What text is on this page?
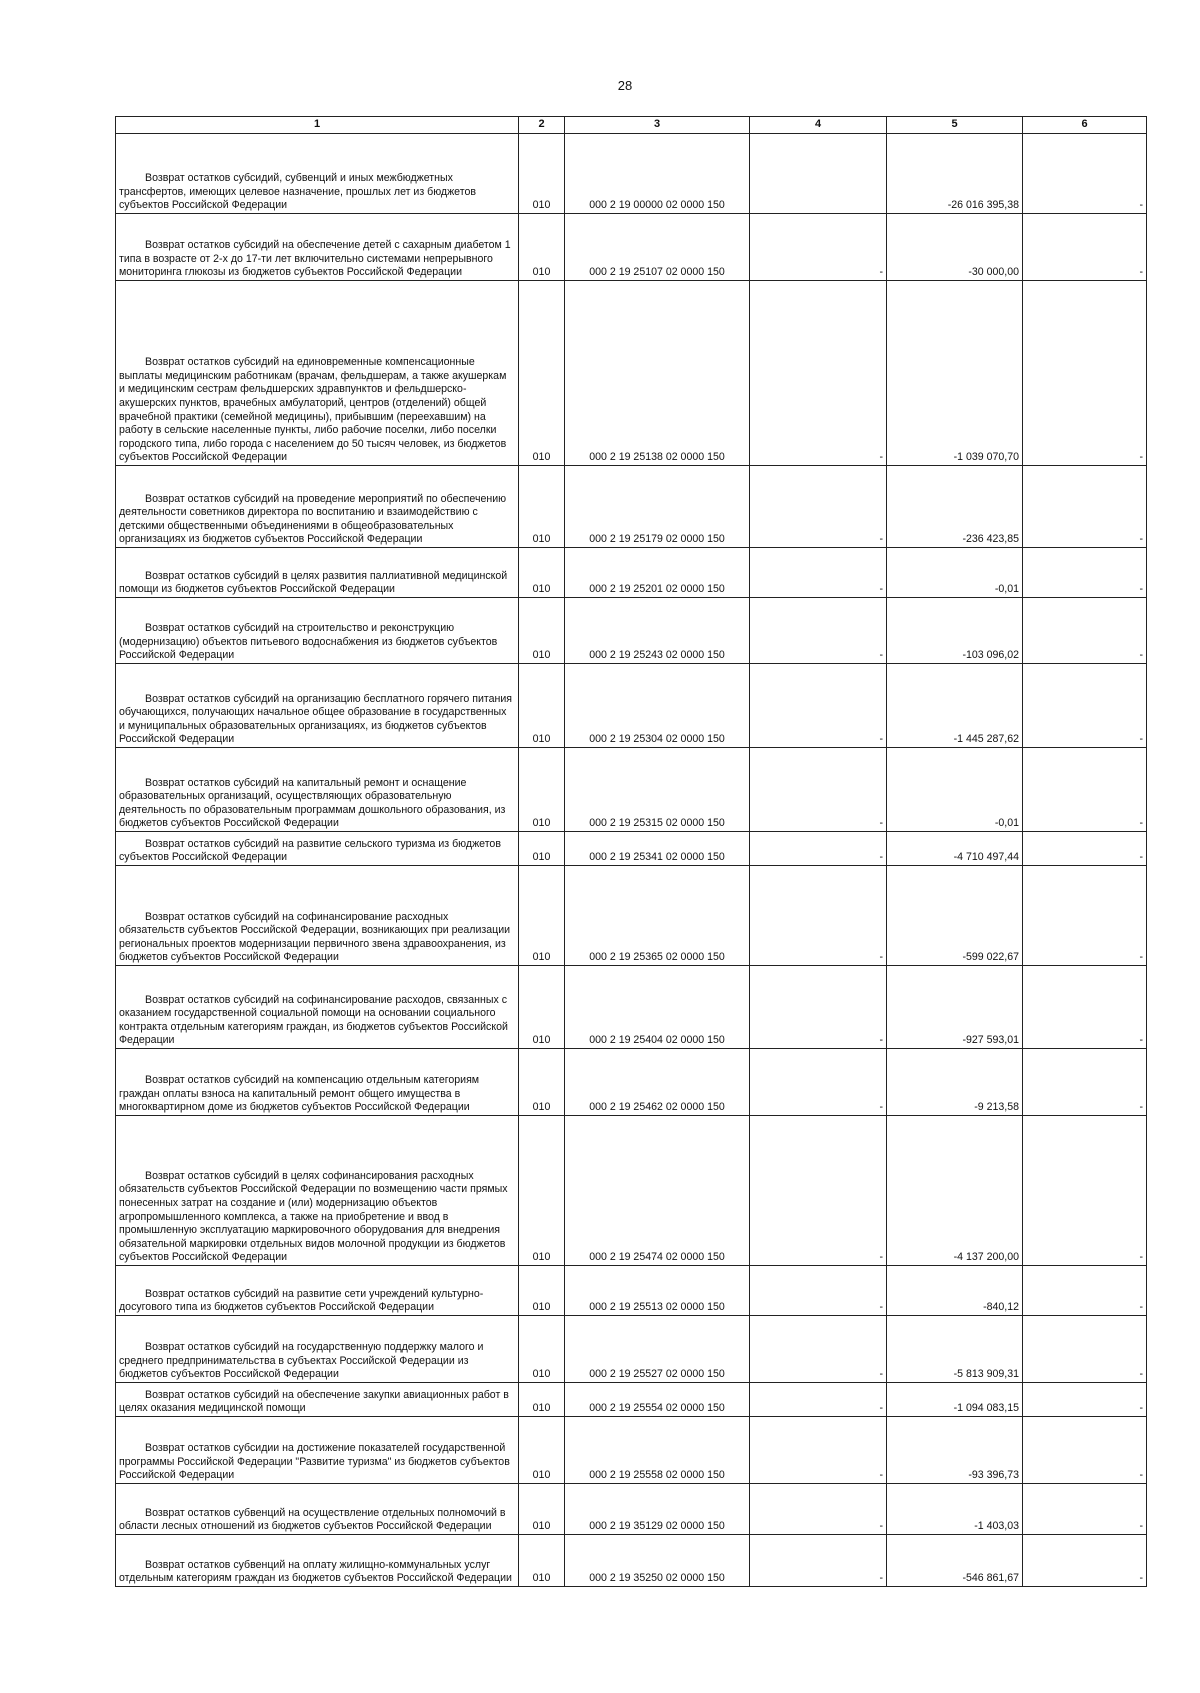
28
1	2	3	4	5	6

Возврат остатков субсидий, субвенций и иных межбюджетных трансфертов, имеющих целевое назначение, прошлых лет из бюджетов субъектов Российской Федерации	010	000 2 19 00000 02 0000 150		-26 016 395,38	-

Возврат остатков субсидий на обеспечение детей с сахарным диабетом 1 типа в возрасте от 2-х до 17-ти лет включительно системами непрерывного мониторинга глюкозы из бюджетов субъектов Российской Федерации	010	000 2 19 25107 02 0000 150	-	-30 000,00	-

Возврат остатков субсидий на единовременные компенсационные выплаты медицинским работникам (врачам, фельдшерам, а также акушеркам и медицинским сестрам фельдшерских здравпунктов и фельдшерско-акушерских пунктов, врачебных амбулаторий, центров (отделений) общей врачебной практики (семейной медицины), прибывшим (переехавшим) на работу в сельские населенные пункты, либо рабочие поселки, либо поселки городского типа, либо города с населением до 50 тысяч человек, из бюджетов субъектов Российской Федерации	010	000 2 19 25138 02 0000 150	-	-1 039 070,70	-

Возврат остатков субсидий на проведение мероприятий по обеспечению деятельности советников директора по воспитанию и взаимодействию с детскими общественными объединениями в общеобразовательных организациях из бюджетов субъектов Российской Федерации	010	000 2 19 25179 02 0000 150	-	-236 423,85	-

Возврат остатков субсидий в целях развития паллиативной медицинской помощи из бюджетов субъектов Российской Федерации	010	000 2 19 25201 02 0000 150	-	-0,01	-

Возврат остатков субсидий на строительство и реконструкцию (модернизацию) объектов питьевого водоснабжения из бюджетов субъектов Российской Федерации	010	000 2 19 25243 02 0000 150	-	-103 096,02	-

Возврат остатков субсидий на организацию бесплатного горячего питания обучающихся, получающих начальное общее образование в государственных и муниципальных образовательных организациях, из бюджетов субъектов Российской Федерации	010	000 2 19 25304 02 0000 150	-	-1 445 287,62	-

Возврат остатков субсидий на капитальный ремонт и оснащение образовательных организаций, осуществляющих образовательную деятельность по образовательным программам дошкольного образования, из бюджетов субъектов Российской Федерации	010	000 2 19 25315 02 0000 150	-	-0,01	-

Возврат остатков субсидий на развитие сельского туризма из бюджетов субъектов Российской Федерации	010	000 2 19 25341 02 0000 150	-	-4 710 497,44	-

Возврат остатков субсидий на софинансирование расходных обязательств субъектов Российской Федерации, возникающих при реализации региональных проектов модернизации первичного звена здравоохранения, из бюджетов субъектов Российской Федерации	010	000 2 19 25365 02 0000 150	-	-599 022,67	-

Возврат остатков субсидий на софинансирование расходов, связанных с оказанием государственной социальной помощи на основании социального контракта отдельным категориям граждан, из бюджетов субъектов Российской Федерации	010	000 2 19 25404 02 0000 150	-	-927 593,01	-

Возврат остатков субсидий на компенсацию отдельным категориям граждан оплаты взноса на капитальный ремонт общего имущества в многоквартирном доме из бюджетов субъектов Российской Федерации	010	000 2 19 25462 02 0000 150	-	-9 213,58	-

Возврат остатков субсидий в целях софинансирования расходных обязательств субъектов Российской Федерации по возмещению части прямых понесенных затрат на создание и (или) модернизацию объектов агропромышленного комплекса, а также на приобретение и ввод в промышленную эксплуатацию маркировочного оборудования для внедрения обязательной маркировки отдельных видов молочной продукции из бюджетов субъектов Российской Федерации	010	000 2 19 25474 02 0000 150	-	-4 137 200,00	-

Возврат остатков субсидий на развитие сети учреждений культурно-досугового типа из бюджетов субъектов Российской Федерации	010	000 2 19 25513 02 0000 150	-	-840,12	-

Возврат остатков субсидий на государственную поддержку малого и среднего предпринимательства в субъектах Российской Федерации из бюджетов субъектов Российской Федерации	010	000 2 19 25527 02 0000 150	-	-5 813 909,31	-

Возврат остатков субсидий на обеспечение закупки авиационных работ в целях оказания медицинской помощи	010	000 2 19 25554 02 0000 150	-	-1 094 083,15	-

Возврат остатков субсидии на достижение показателей государственной программы Российской Федерации "Развитие туризма" из бюджетов субъектов Российской Федерации	010	000 2 19 25558 02 0000 150	-	-93 396,73	-

Возврат остатков субвенций на осуществление отдельных полномочий в области лесных отношений из бюджетов субъектов Российской Федерации	010	000 2 19 35129 02 0000 150	-	-1 403,03	-

Возврат остатков субвенций на оплату жилищно-коммунальных услуг отдельным категориям граждан из бюджетов субъектов Российской Федерации	010	000 2 19 35250 02 0000 150	-	-546 861,67	-
